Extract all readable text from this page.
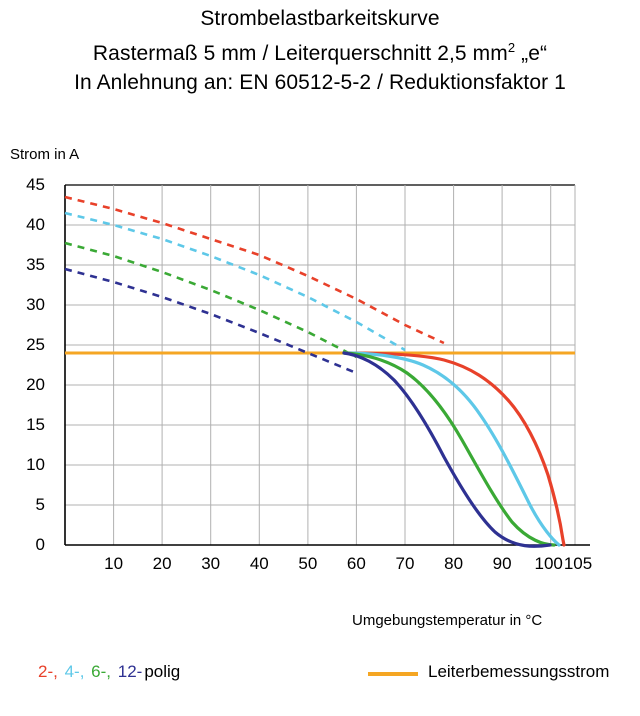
Strombelastbarkeitskurve
Rastermaß 5 mm / Leiterquerschnitt 2,5 $mm^2$ „e“
In Anlehnung an: EN 60512-5-2 / Reduktionsfaktor 1
Strom in A
Umgebungstemperatur in °C
45
40
35
30
25
20
15
10
5
0
10	20	30	40	50	60	70	80	90	100 105
2-, 4-, 6-, 12- polig	Leiterbemessungsstrom
